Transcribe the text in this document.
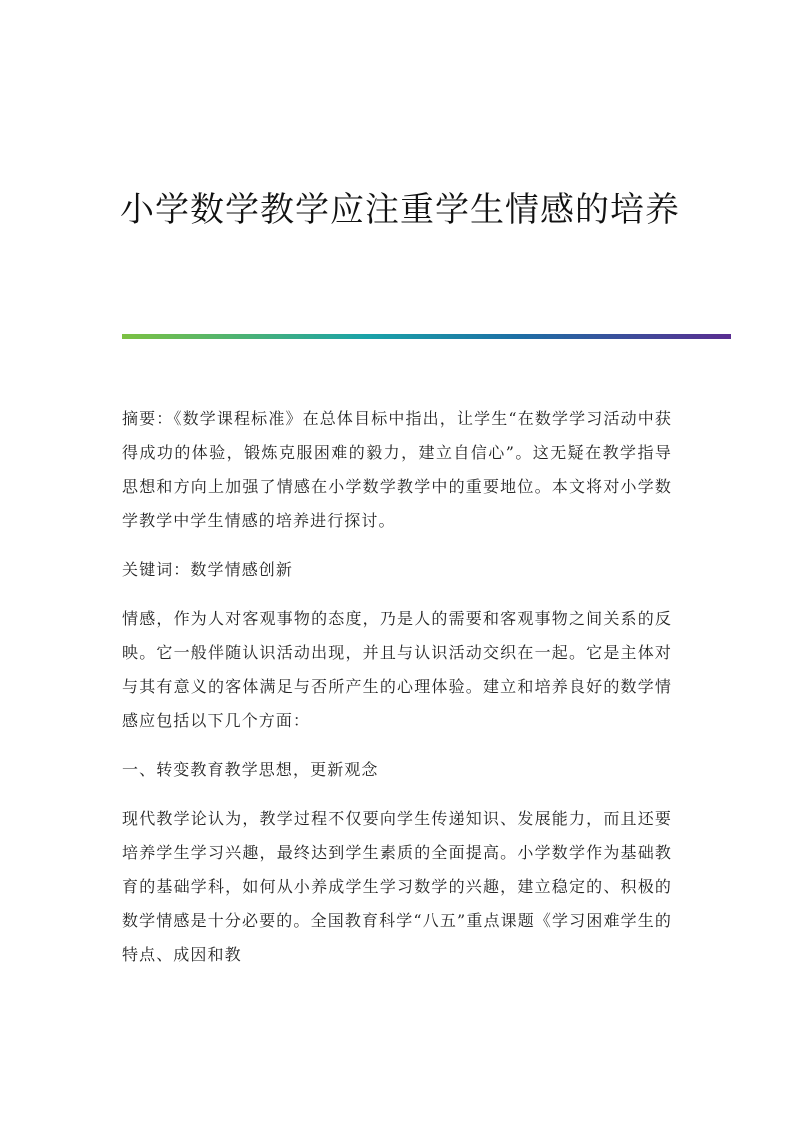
小学数学教学应注重学生情感的培养

摘要：《数学课程标准》在总体目标中指出，让学生“在数学学习活动中获得成功的体验，锻炼克服困难的毅力，建立自信心”。这无疑在教学指导思想和方向上加强了情感在小学数学教学中的重要地位。本文将对小学数学教学中学生情感的培养进行探讨。

关键词：数学情感创新

情感，作为人对客观事物的态度，乃是人的需要和客观事物之间关系的反映。它一般伴随认识活动出现，并且与认识活动交织在一起。它是主体对与其有意义的客体满足与否所产生的心理体验。建立和培养良好的数学情感应包括以下几个方面：

一、转变教育教学思想，更新观念

现代教学论认为，教学过程不仅要向学生传递知识、发展能力，而且还要培养学生学习兴趣，最终达到学生素质的全面提高。小学数学作为基础教育的基础学科，如何从小养成学生学习数学的兴趣，建立稳定的、积极的数学情感是十分必要的。全国教育科学“八五”重点课题《学习困难学生的特点、成因和教
